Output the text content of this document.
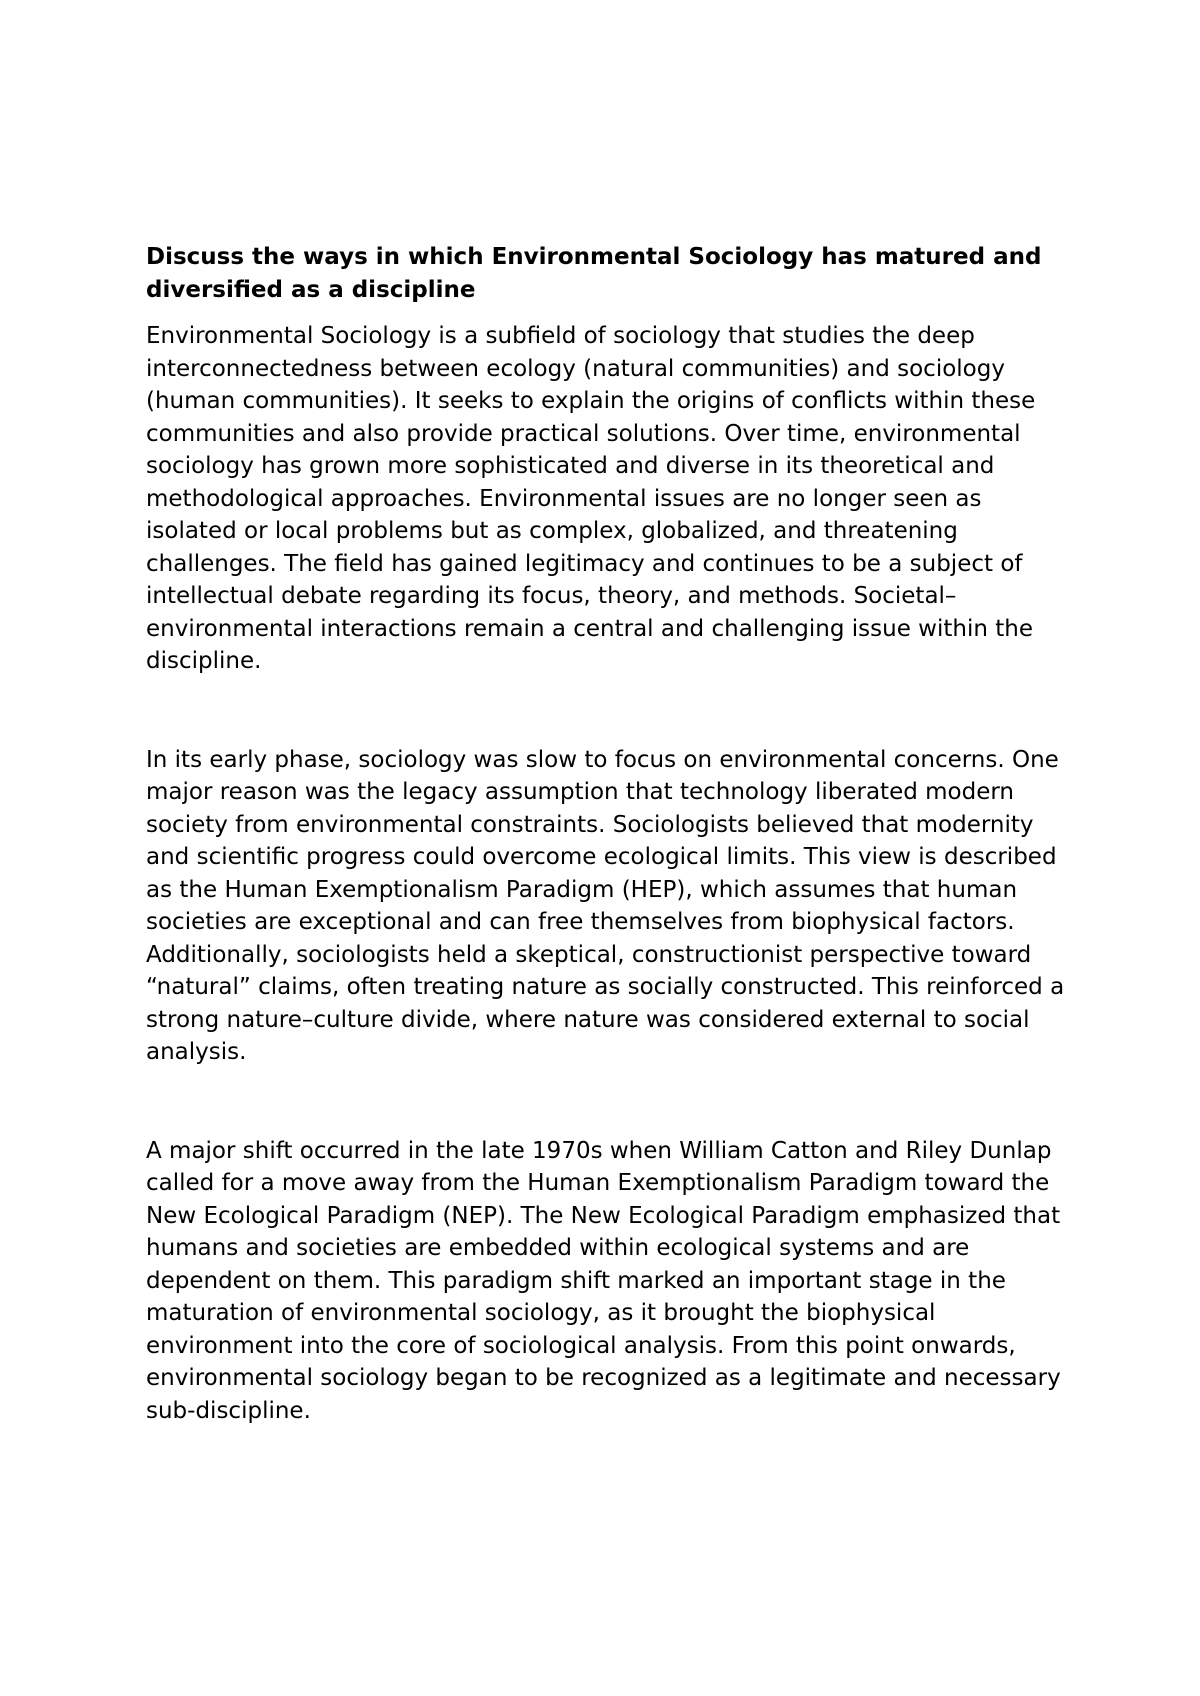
Discuss the ways in which Environmental Sociology has matured and diversified as a discipline

Environmental Sociology is a subfield of sociology that studies the deep interconnectedness between ecology (natural communities) and sociology (human communities). It seeks to explain the origins of conflicts within these communities and also provide practical solutions. Over time, environmental sociology has grown more sophisticated and diverse in its theoretical and methodological approaches. Environmental issues are no longer seen as isolated or local problems but as complex, globalized, and threatening challenges. The field has gained legitimacy and continues to be a subject of intellectual debate regarding its focus, theory, and methods. Societal–environmental interactions remain a central and challenging issue within the discipline.

In its early phase, sociology was slow to focus on environmental concerns. One major reason was the legacy assumption that technology liberated modern society from environmental constraints. Sociologists believed that modernity and scientific progress could overcome ecological limits. This view is described as the Human Exemptionalism Paradigm (HEP), which assumes that human societies are exceptional and can free themselves from biophysical factors. Additionally, sociologists held a skeptical, constructionist perspective toward “natural” claims, often treating nature as socially constructed. This reinforced a strong nature–culture divide, where nature was considered external to social analysis.

A major shift occurred in the late 1970s when William Catton and Riley Dunlap called for a move away from the Human Exemptionalism Paradigm toward the New Ecological Paradigm (NEP). The New Ecological Paradigm emphasized that humans and societies are embedded within ecological systems and are dependent on them. This paradigm shift marked an important stage in the maturation of environmental sociology, as it brought the biophysical environment into the core of sociological analysis. From this point onwards, environmental sociology began to be recognized as a legitimate and necessary sub-discipline.
